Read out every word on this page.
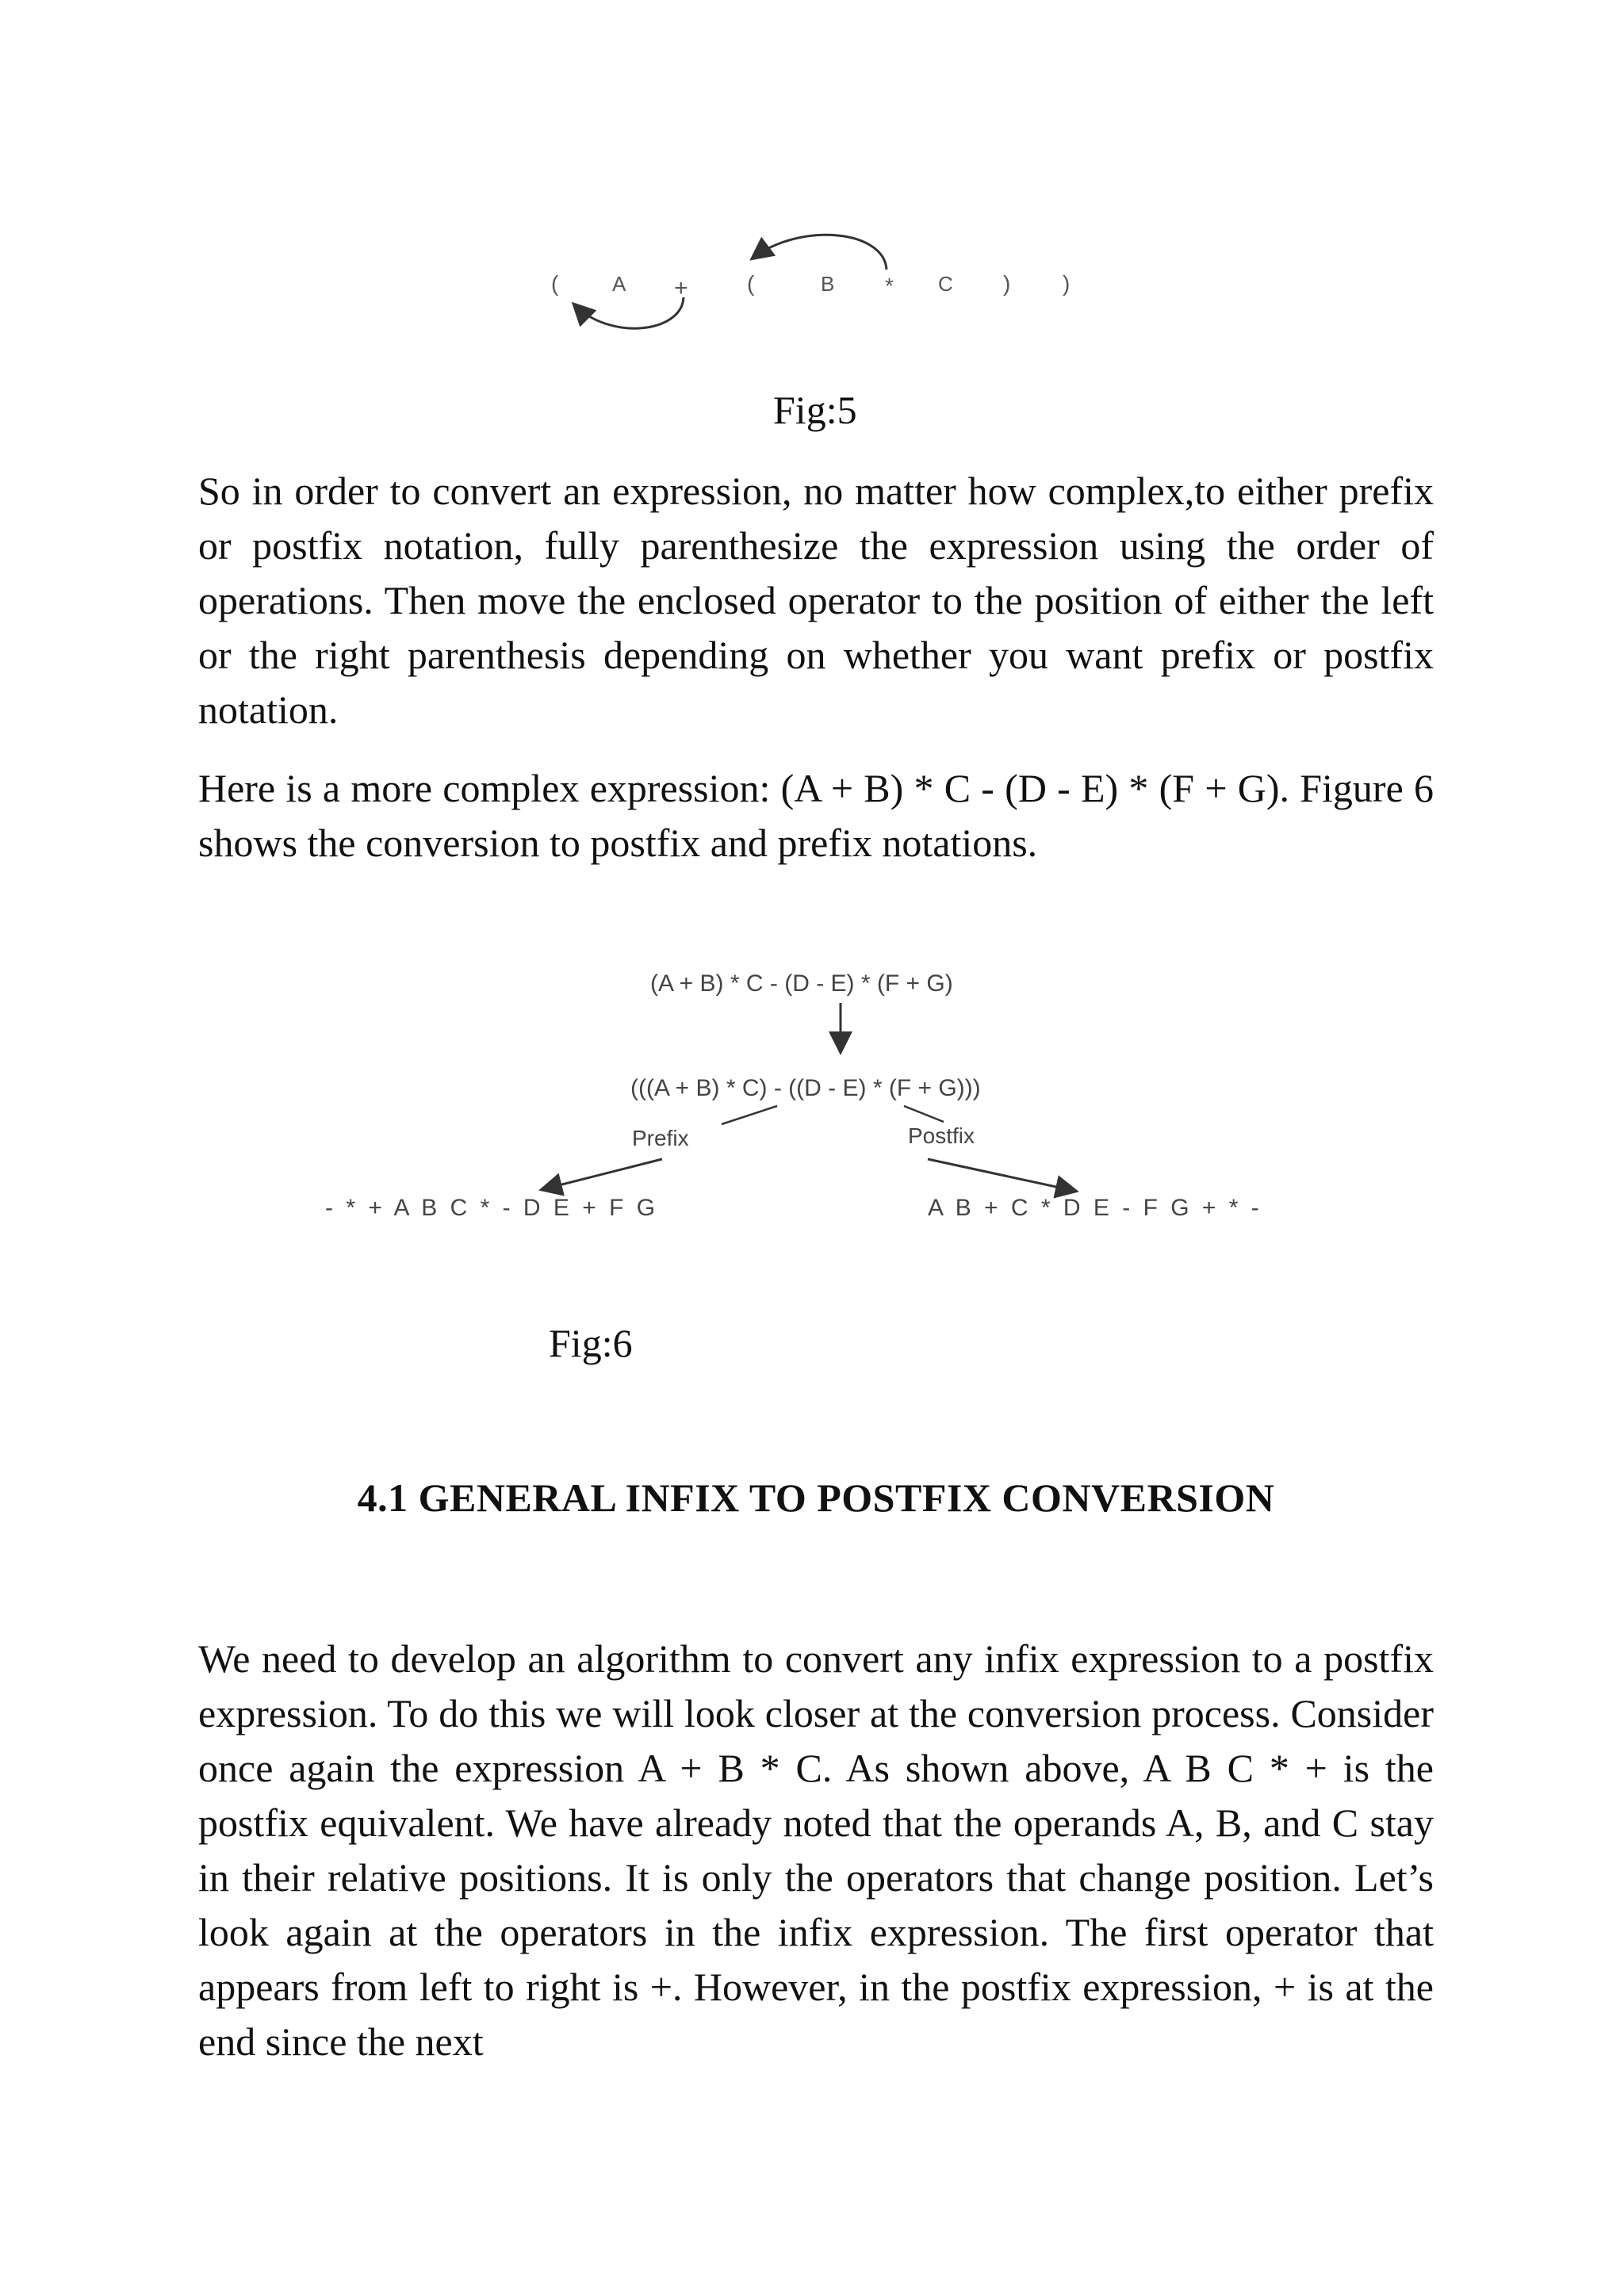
(	A +	(	B * C ) )
Fig:5

So in order to convert an expression, no matter how complex,to either prefix or postfix notation, fully parenthesize the expression using the order of operations. Then move the enclosed operator to the position of either the left or the right parenthesis depending on whether you want prefix or postfix notation.

Here is a more complex expression: (A + B) * C - (D - E) * (F + G). Figure 6 shows the conversion to postfix and prefix notations.

(A + B) * C - (D - E) * (F + G)
(((A + B) * C) - ((D - E) * (F + G)))
Prefix	Postfix
- * + A B C * - D E + F G	A B + C * D E - F G + * -
Fig:6
4.1 GENERAL INFIX TO POSTFIX CONVERSION

We need to develop an algorithm to convert any infix expression to a postfix expression. To do this we will look closer at the conversion process. Consider once again the expression A + B * C. As shown above, A B C * + is the postfix equivalent. We have already noted that the operands A, B, and C stay in their relative positions. It is only the operators that change position. Let’s look again at the operators in the infix expression. The first operator that appears from left to right is +. However, in the postfix expression, + is at the end since the next
